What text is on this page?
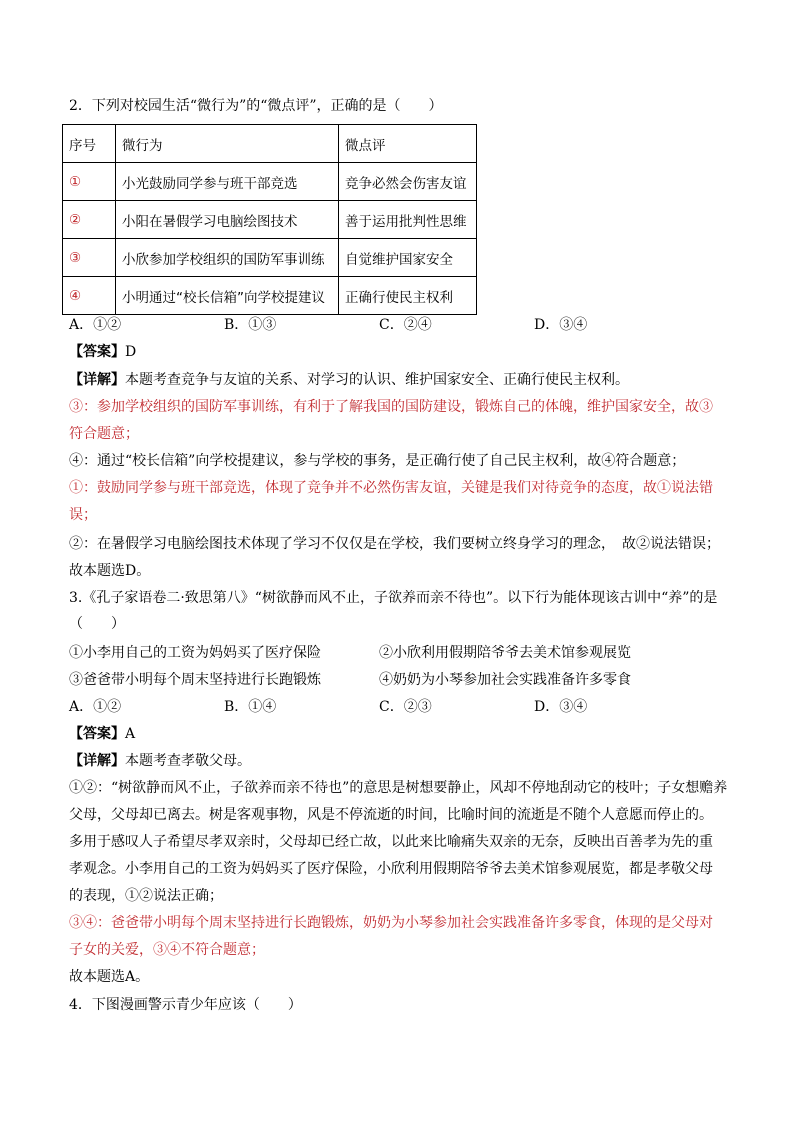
2．下列对校园生活“微行为”的“微点评”，正确的是（　　）
序号	微行为	微点评
①	小光鼓励同学参与班干部竞选	竞争必然会伤害友谊
②	小阳在暑假学习电脑绘图技术	善于运用批判性思维
③	小欣参加学校组织的国防军事训练	自觉维护国家安全
④	小明通过“校长信箱”向学校提建议	正确行使民主权利
A．①②	B．①③	C．②④	D．③④
【答案】D
【详解】本题考查竞争与友谊的关系、对学习的认识、维护国家安全、正确行使民主权利。
③：参加学校组织的国防军事训练，有利于了解我国的国防建设，锻炼自己的体魄，维护国家安全，故③
符合题意；
④：通过“校长信箱”向学校提建议，参与学校的事务，是正确行使了自己民主权利，故④符合题意；
①：鼓励同学参与班干部竞选，体现了竞争并不必然伤害友谊，关键是我们对待竞争的态度，故①说法错
误；
②：在暑假学习电脑绘图技术体现了学习不仅仅是在学校，我们要树立终身学习的理念，　故②说法错误；
故本题选D。
3.《孔子家语卷二·致思第八》“树欲静而风不止，子欲养而亲不待也”。以下行为能体现该古训中“养”的是
（　　）
①小李用自己的工资为妈妈买了医疗保险	②小欣利用假期陪爷爷去美术馆参观展览
③爸爸带小明每个周末坚持进行长跑锻炼	④奶奶为小琴参加社会实践准备许多零食
A．①②	B．①④	C．②③	D．③④
【答案】A
【详解】本题考查孝敬父母。
①②：“树欲静而风不止，子欲养而亲不待也”的意思是树想要静止，风却不停地刮动它的枝叶；子女想赡养
父母，父母却已离去。树是客观事物，风是不停流逝的时间，比喻时间的流逝是不随个人意愿而停止的。
多用于感叹人子希望尽孝双亲时，父母却已经亡故，以此来比喻痛失双亲的无奈，反映出百善孝为先的重
孝观念。小李用自己的工资为妈妈买了医疗保险，小欣利用假期陪爷爷去美术馆参观展览，都是孝敬父母
的表现，①②说法正确；
③④：爸爸带小明每个周末坚持进行长跑锻炼，奶奶为小琴参加社会实践准备许多零食，体现的是父母对
子女的关爱，③④不符合题意；
故本题选A。
4．下图漫画警示青少年应该（　　）
